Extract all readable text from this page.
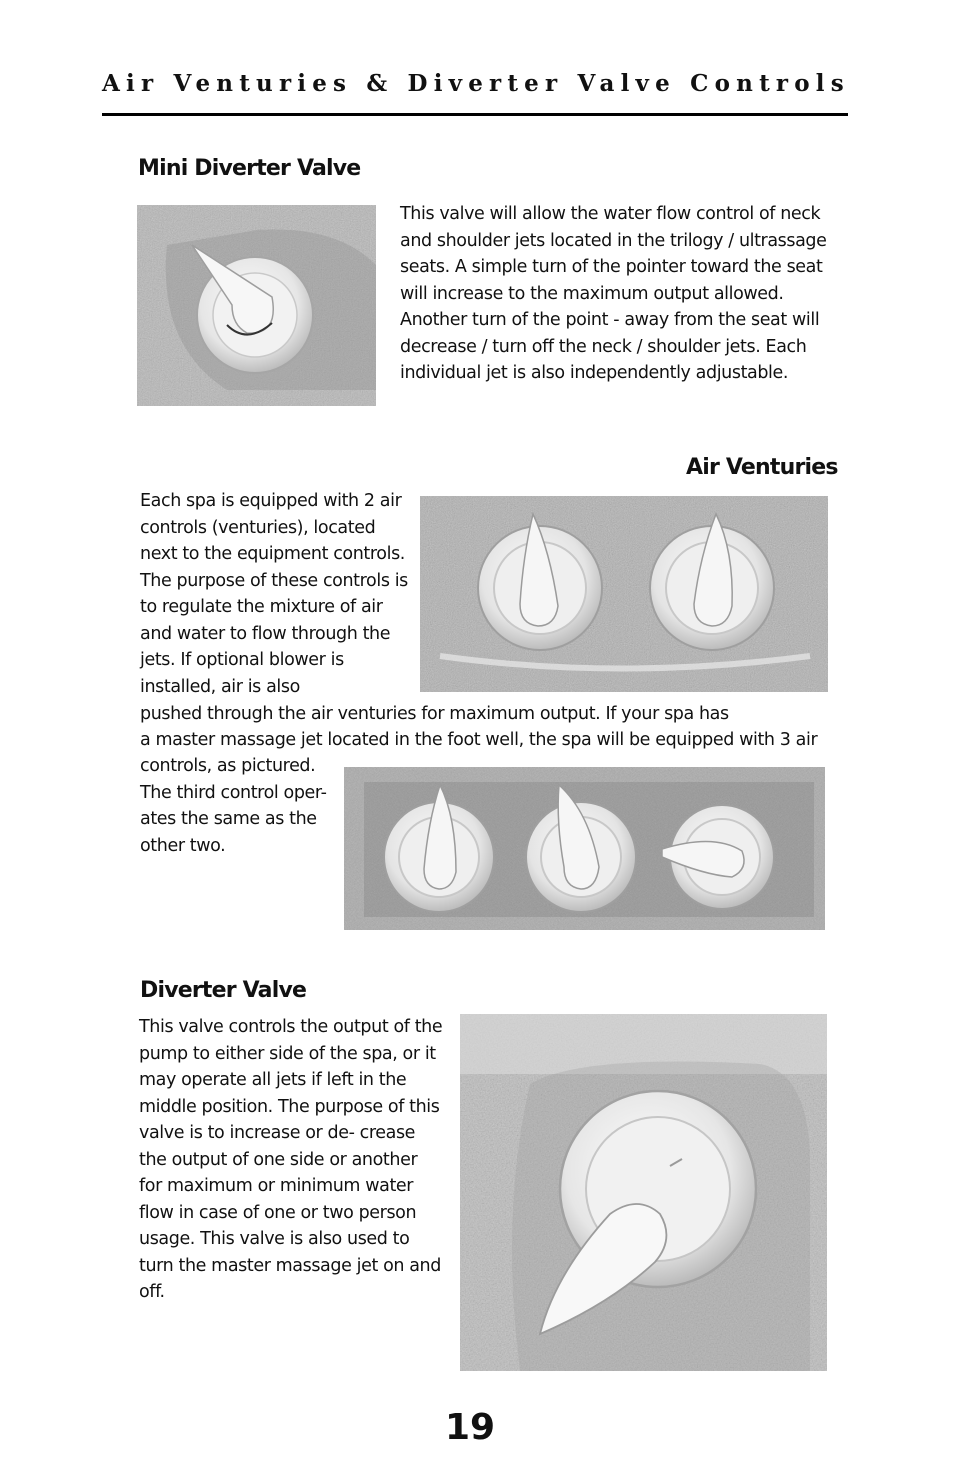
Air Venturies & Diverter Valve Controls
Mini Diverter Valve

This valve will allow the water flow control of neck and shoulder jets located in the trilogy / ultrassage seats. A simple turn of the pointer toward the seat will increase to the maximum output allowed. Another turn of the point - away from the seat will decrease / turn off the neck / shoulder jets. Each individual jet is also independently adjustable.

Air Venturies

Each spa is equipped with 2 air controls (venturies), located next to the equipment controls. The purpose of these controls is to regulate the mixture of air and water to flow through the jets. If optional blower is installed, air is also

pushed through the air venturies for maximum output. If your spa has

a master massage jet located in the foot well, the spa will be equipped with 3 air

controls, as pictured. The third control oper- ates the same as the other two.

Diverter Valve

This valve controls the output of the pump to either side of the spa, or it may operate all jets if left in the middle position. The purpose of this valve is to increase or de- crease the output of one side or another for maximum or minimum water flow in case of one or two person usage. This valve is also used to turn the master massage jet on and off.

19
